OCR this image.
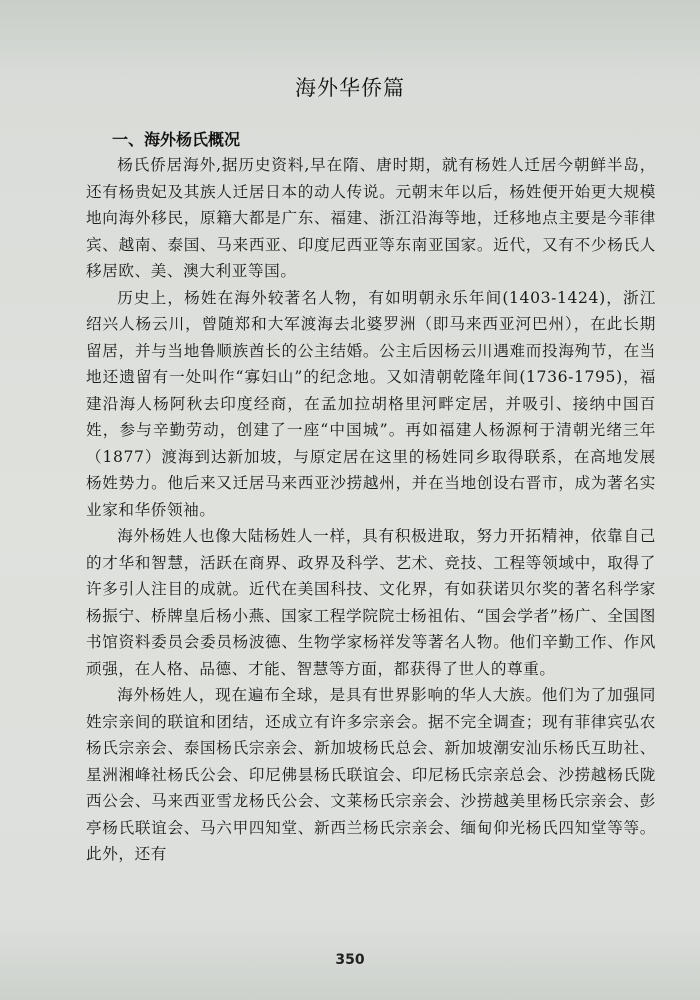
海外华侨篇
一、海外杨氏概况

杨氏侨居海外,据历史资料,早在隋、唐时期，就有杨姓人迁居今朝鲜半岛，还有杨贵妃及其族人迁居日本的动人传说。元朝末年以后，杨姓便开始更大规模地向海外移民，原籍大都是广东、福建、浙江沿海等地，迁移地点主要是今菲律宾、越南、泰国、马来西亚、印度尼西亚等东南亚国家。近代，又有不少杨氏人移居欧、美、澳大利亚等国。

历史上，杨姓在海外较著名人物，有如明朝永乐年间(1403-1424)，浙江绍兴人杨云川，曾随郑和大军渡海去北婆罗洲（即马来西亚河巴州），在此长期留居，并与当地鲁顺族酋长的公主结婚。公主后因杨云川遇难而投海殉节，在当地还遗留有一处叫作“寡妇山”的纪念地。又如清朝乾隆年间(1736-1795)，福建沿海人杨阿秋去印度经商，在孟加拉胡格里河畔定居，并吸引、接纳中国百姓，参与辛勤劳动，创建了一座“中国城”。再如福建人杨源柯于清朝光绪三年（1877）渡海到达新加坡，与原定居在这里的杨姓同乡取得联系，在高地发展杨姓势力。他后来又迁居马来西亚沙捞越州，并在当地创设右晋市，成为著名实业家和华侨领袖。

海外杨姓人也像大陆杨姓人一样，具有积极进取，努力开拓精神，依靠自己的才华和智慧，活跃在商界、政界及科学、艺术、竞技、工程等领域中，取得了许多引人注目的成就。近代在美国科技、文化界，有如获诺贝尔奖的著名科学家杨振宁、桥牌皇后杨小燕、国家工程学院院士杨祖佑、“国会学者”杨广、全国图书馆资料委员会委员杨波德、生物学家杨祥发等著名人物。他们辛勤工作、作风顽强，在人格、品德、才能、智慧等方面，都获得了世人的尊重。

海外杨姓人，现在遍布全球，是具有世界影响的华人大族。他们为了加强同姓宗亲间的联谊和团结，还成立有许多宗亲会。据不完全调查；现有菲律宾弘农杨氏宗亲会、泰国杨氏宗亲会、新加坡杨氏总会、新加坡潮安汕乐杨氏互助社、星洲湘峰社杨氏公会、印尼佛昙杨氏联谊会、印尼杨氏宗亲总会、沙捞越杨氏陇西公会、马来西亚雪龙杨氏公会、文莱杨氏宗亲会、沙捞越美里杨氏宗亲会、彭亭杨氏联谊会、马六甲四知堂、新西兰杨氏宗亲会、缅甸仰光杨氏四知堂等等。此外，还有

350
